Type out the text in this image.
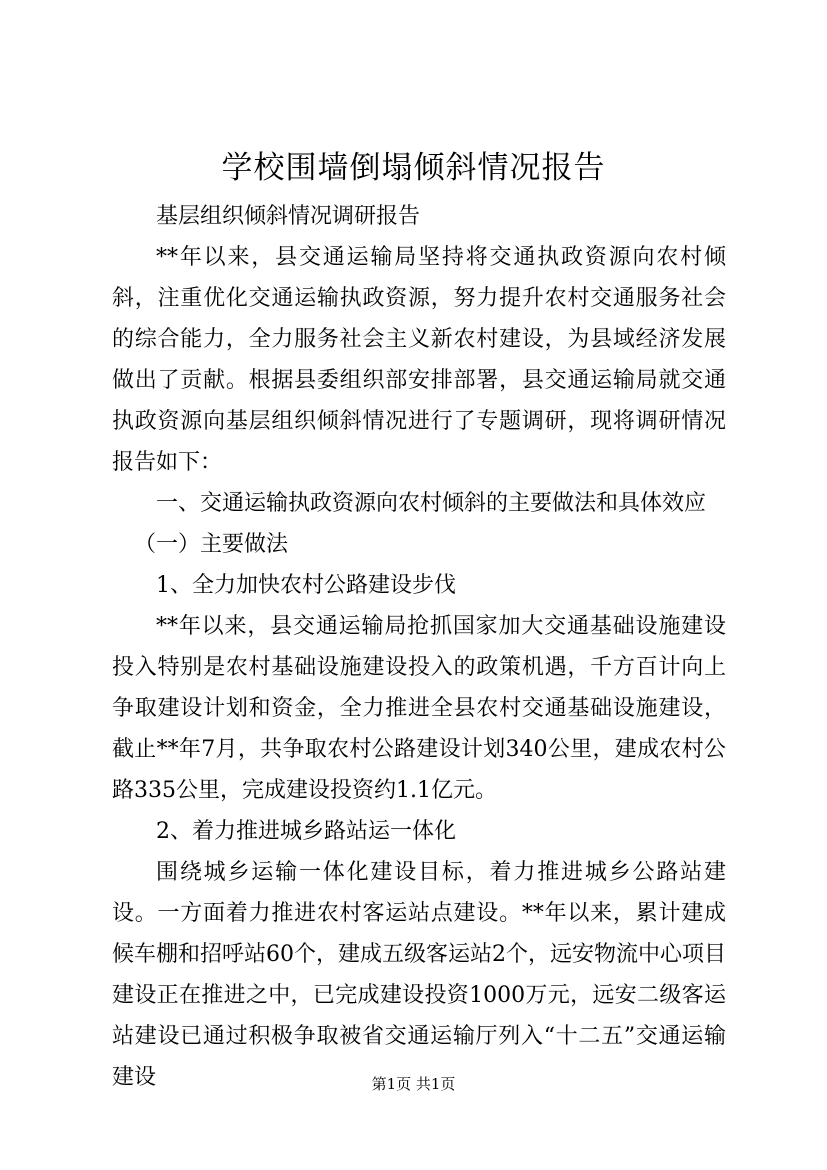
学校围墙倒塌倾斜情况报告

基层组织倾斜情况调研报告

**年以来，县交通运输局坚持将交通执政资源向农村倾斜，注重优化交通运输执政资源，努力提升农村交通服务社会的综合能力，全力服务社会主义新农村建设，为县域经济发展做出了贡献。根据县委组织部安排部署，县交通运输局就交通执政资源向基层组织倾斜情况进行了专题调研，现将调研情况报告如下：

一、交通运输执政资源向农村倾斜的主要做法和具体效应

（一）主要做法

1、全力加快农村公路建设步伐

**年以来，县交通运输局抢抓国家加大交通基础设施建设投入特别是农村基础设施建设投入的政策机遇，千方百计向上争取建设计划和资金，全力推进全县农村交通基础设施建设，截止**年7月，共争取农村公路建设计划340公里，建成农村公路335公里，完成建设投资约1.1亿元。

2、着力推进城乡路站运一体化

围绕城乡运输一体化建设目标，着力推进城乡公路站建设。一方面着力推进农村客运站点建设。**年以来，累计建成候车棚和招呼站60个，建成五级客运站2个，远安物流中心项目建设正在推进之中，已完成建设投资1000万元，远安二级客运站建设已通过积极争取被省交通运输厅列入“十二五”交通运输建设	第1页 共1页
